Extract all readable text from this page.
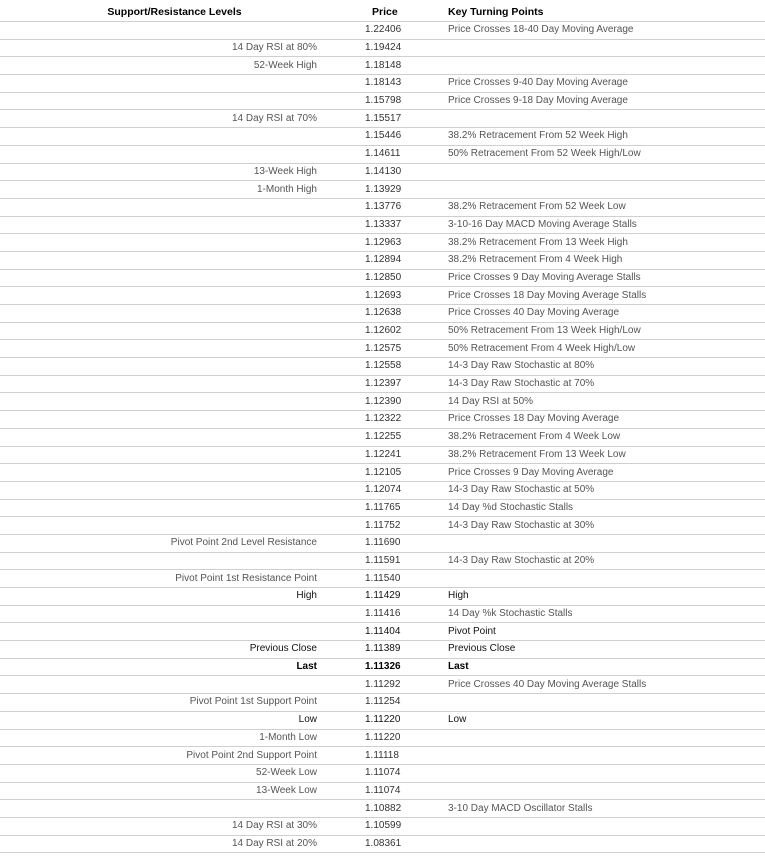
Support/Resistance Levels	Price	Key Turning Points
	1.22406	Price Crosses 18-40 Day Moving Average
14 Day RSI at 80%	1.19424	
52-Week High	1.18148	
	1.18143	Price Crosses 9-40 Day Moving Average
	1.15798	Price Crosses 9-18 Day Moving Average
14 Day RSI at 70%	1.15517	
	1.15446	38.2% Retracement From 52 Week High
	1.14611	50% Retracement From 52 Week High/Low
13-Week High	1.14130	
1-Month High	1.13929	
	1.13776	38.2% Retracement From 52 Week Low
	1.13337	3-10-16 Day MACD Moving Average Stalls
	1.12963	38.2% Retracement From 13 Week High
	1.12894	38.2% Retracement From 4 Week High
	1.12850	Price Crosses 9 Day Moving Average Stalls
	1.12693	Price Crosses 18 Day Moving Average Stalls
	1.12638	Price Crosses 40 Day Moving Average
	1.12602	50% Retracement From 13 Week High/Low
	1.12575	50% Retracement From 4 Week High/Low
	1.12558	14-3 Day Raw Stochastic at 80%
	1.12397	14-3 Day Raw Stochastic at 70%
	1.12390	14 Day RSI at 50%
	1.12322	Price Crosses 18 Day Moving Average
	1.12255	38.2% Retracement From 4 Week Low
	1.12241	38.2% Retracement From 13 Week Low
	1.12105	Price Crosses 9 Day Moving Average
	1.12074	14-3 Day Raw Stochastic at 50%
	1.11765	14 Day %d Stochastic Stalls
	1.11752	14-3 Day Raw Stochastic at 30%
Pivot Point 2nd Level Resistance	1.11690	
	1.11591	14-3 Day Raw Stochastic at 20%
Pivot Point 1st Resistance Point	1.11540	
High	1.11429	High
	1.11416	14 Day %k Stochastic Stalls
	1.11404	Pivot Point
Previous Close	1.11389	Previous Close
Last	1.11326	Last
	1.11292	Price Crosses 40 Day Moving Average Stalls
Pivot Point 1st Support Point	1.11254	
Low	1.11220	Low
1-Month Low	1.11220	
Pivot Point 2nd Support Point	1.11118	
52-Week Low	1.11074	
13-Week Low	1.11074	
	1.10882	3-10 Day MACD Oscillator Stalls
14 Day RSI at 30%	1.10599	
14 Day RSI at 20%	1.08361	
